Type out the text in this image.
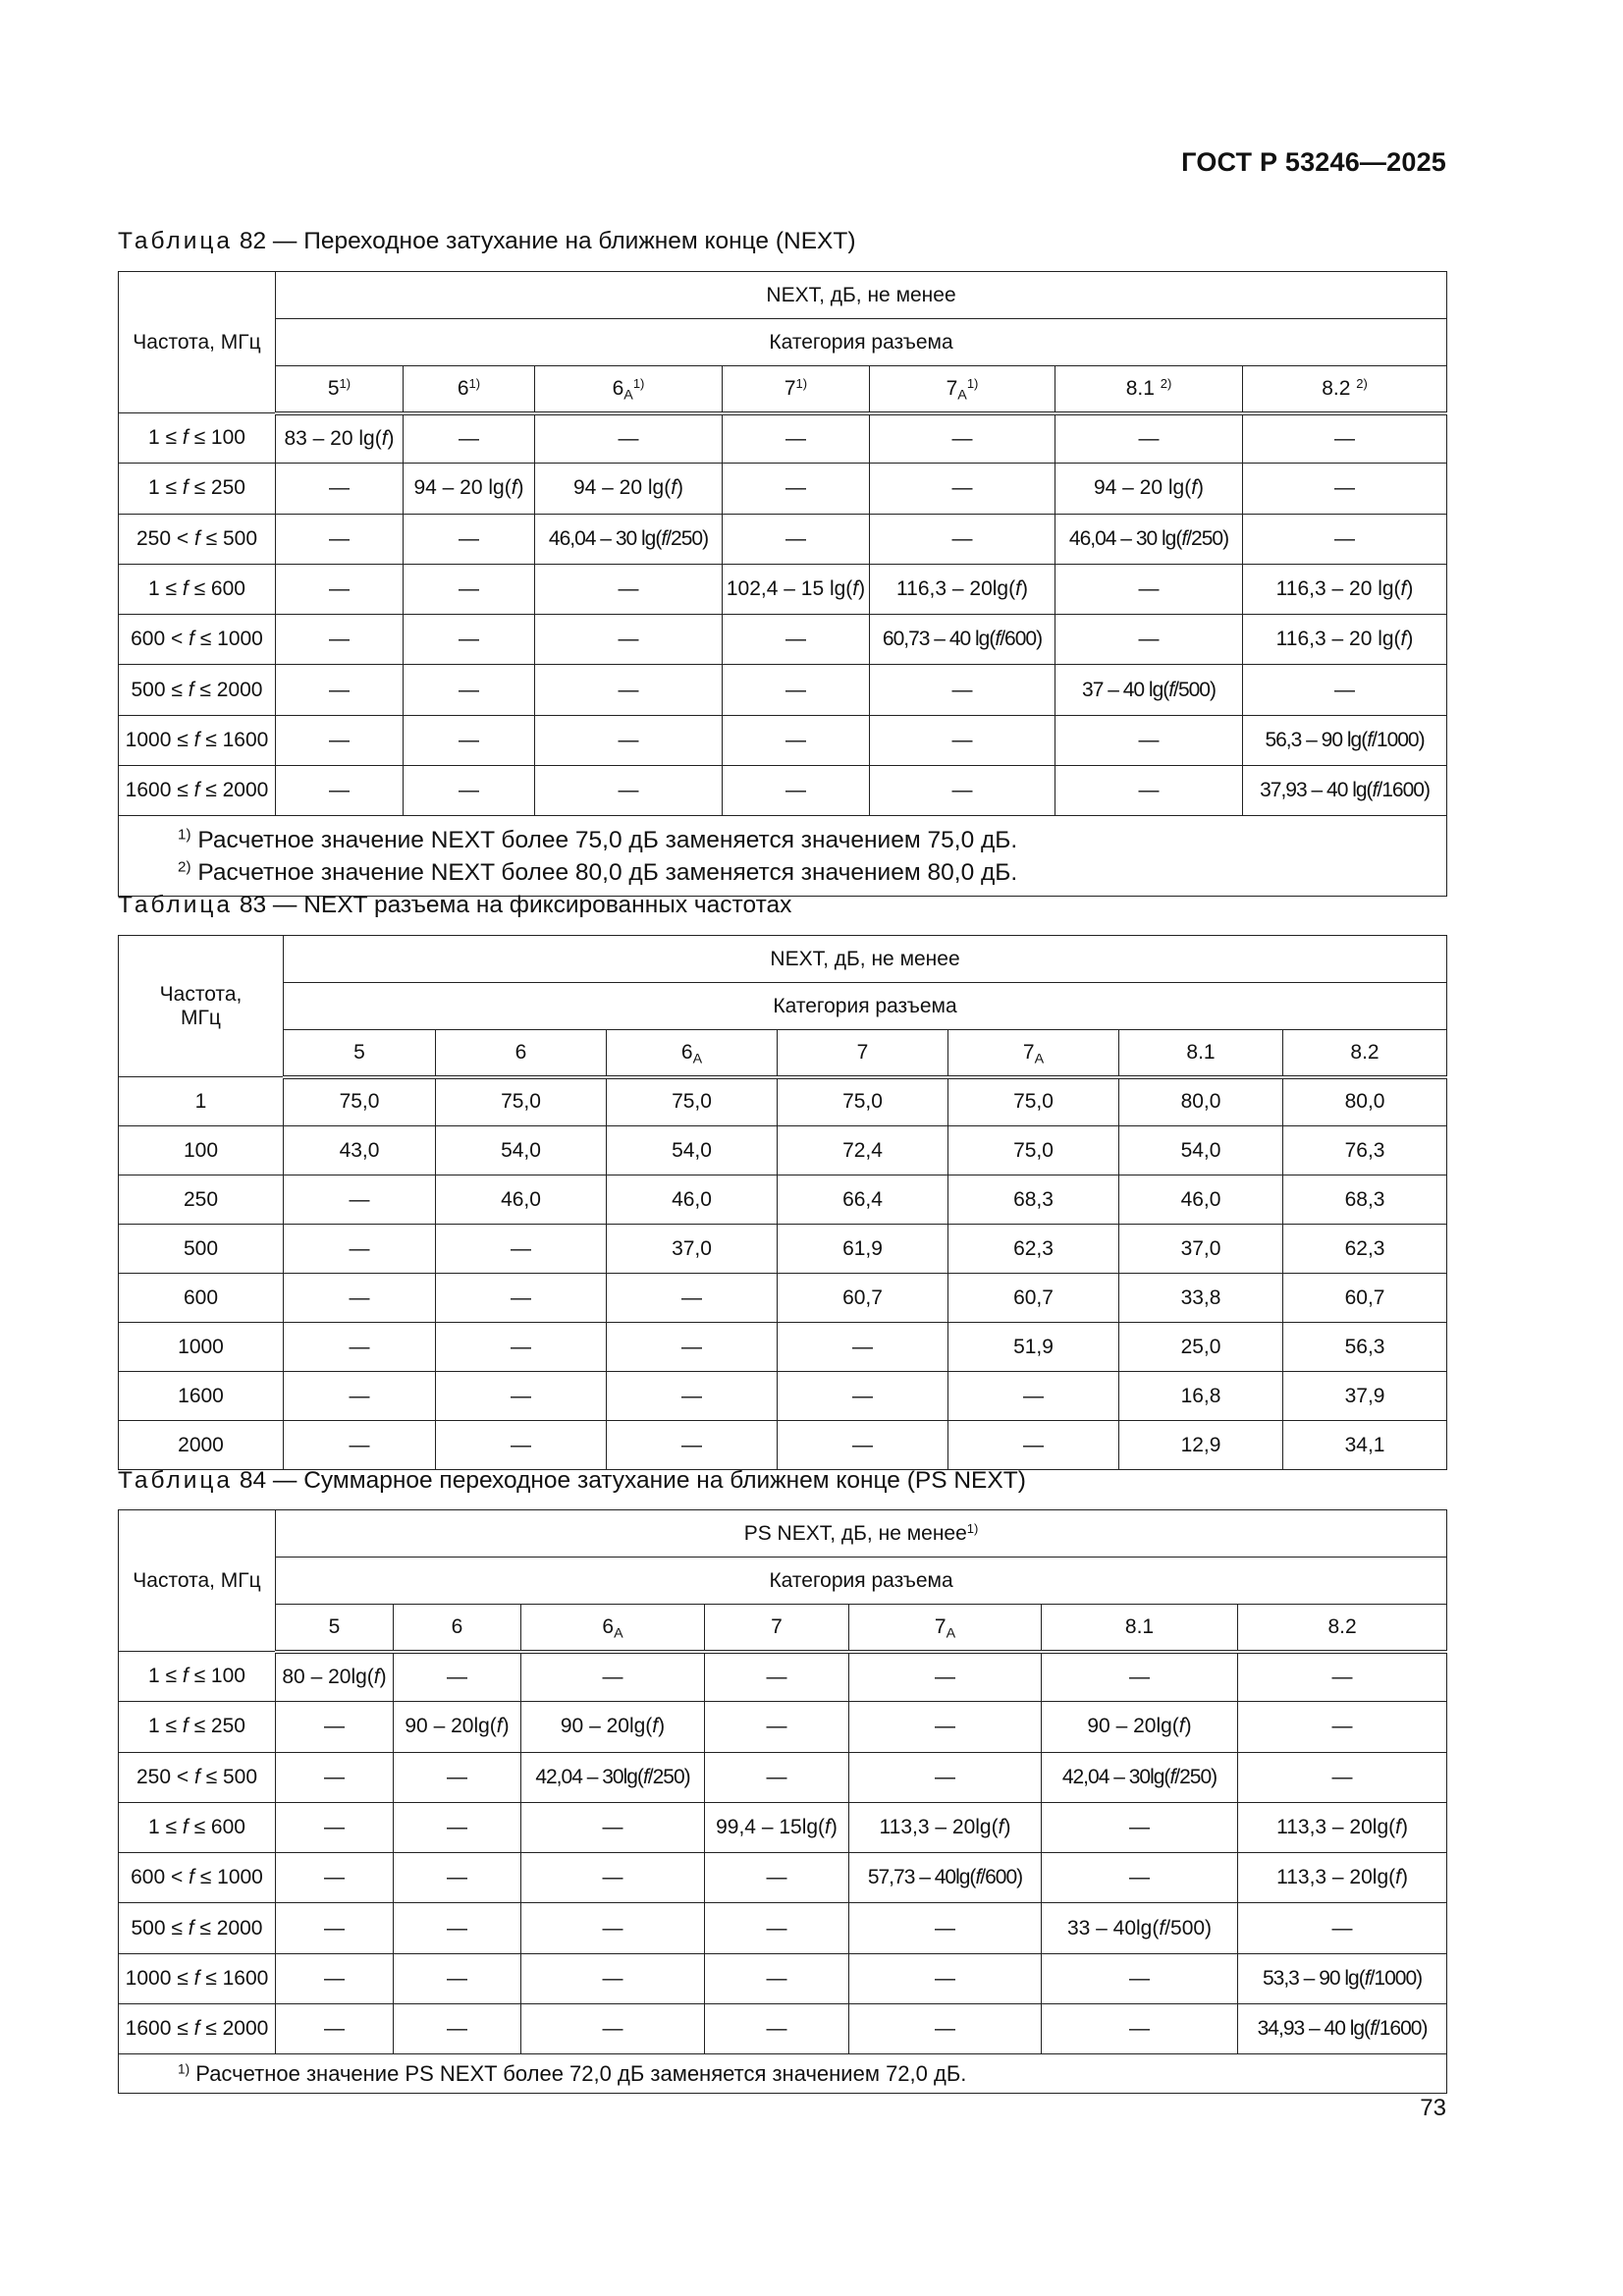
ГОСТ Р 53246—2025
Таблица 82 — Переходное затухание на ближнем конце (NEXT)
Частота, МГц	NEXT, дБ, не менее						
	Категория разъема						
	5$^{1)}$	6$^{1)}$	$6_A^{1)}$	7$^{1)}$	$7_A^{1)}$	8.1 $^{2)}$	8.2 $^{2)}$
1 ≤ f ≤ 100	83 – 20 lg(f)	—	—	—	—	—	—
1 ≤ f ≤ 250	—	94 – 20 lg(f)	94 – 20 lg(f)	—	—	94 – 20 lg(f)	—
250 < f ≤ 500	—	—	46,04 – 30 lg(f/250)	—	—	46,04 – 30 lg(f/250)	—
1 ≤ f ≤ 600	—	—	—	102,4 – 15 lg(f)	116,3 – 20lg(f)	—	116,3 – 20 lg(f)
600 < f ≤ 1000	—	—	—	—	60,73 – 40 lg(f/600)	—	116,3 – 20 lg(f)
500 ≤ f ≤ 2000	—	—	—	—	—	37 – 40 lg(f/500)	—
1000 ≤ f ≤ 1600	—	—	—	—	—	—	56,3 – 90 lg(f/1000)
1600 ≤ f ≤ 2000	—	—	—	—	—	—	37,93 – 40 lg(f/1600)

$^{1)}$ Расчетное значение NEXT более 75,0 дБ заменяется значением 75,0 дБ.
$^{2)}$ Расчетное значение NEXT более 80,0 дБ заменяется значением 80,0 дБ.							
Таблица 83 — NEXT разъема на фиксированных частотах
Частота,
МГц	NEXT, дБ, не менее						
	Категория разъема						
	5	6	$6_A$	7	$7_A$	8.1	8.2
1	75,0	75,0	75,0	75,0	75,0	80,0	80,0
100	43,0	54,0	54,0	72,4	75,0	54,0	76,3
250	—	46,0	46,0	66,4	68,3	46,0	68,3
500	—	—	37,0	61,9	62,3	37,0	62,3
600	—	—	—	60,7	60,7	33,8	60,7
1000	—	—	—	—	51,9	25,0	56,3
1600	—	—	—	—	—	16,8	37,9
2000	—	—	—	—	—	12,9	34,1
Таблица 84 — Суммарное переходное затухание на ближнем конце (PS NEXT)
Частота, МГц	PS NEXT, дБ, не менее$^{1)}$
	Категория разъема						
	5	6	$6_A$	7	$7_A$	8.1	8.2
1 ≤ f ≤ 100	80 – 20lg(f)	—	—	—	—	—	—
1 ≤ f ≤ 250	—	90 – 20lg(f)	90 – 20lg(f)	—	—	90 – 20lg(f)	—
250 < f ≤ 500	—	—	42,04 – 30lg(f/250)	—	—	42,04 – 30lg(f/250)	—
1 ≤ f ≤ 600	—	—	—	99,4 – 15lg(f)	113,3 – 20lg(f)	—	113,3 – 20lg(f)
600 < f ≤ 1000	—	—	—	—	57,73 – 40lg(f/600)	—	113,3 – 20lg(f)
500 ≤ f ≤ 2000	—	—	—	—	—	33 – 40lg(f/500)	—
1000 ≤ f ≤ 1600	—	—	—	—	—	—	53,3 – 90 lg(f/1000)
1600 ≤ f ≤ 2000	—	—	—	—	—	—	34,93 – 40 lg(f/1600)

$^{1)}$ Расчетное значение PS NEXT более 72,0 дБ заменяется значением 72,0 дБ.							
73
